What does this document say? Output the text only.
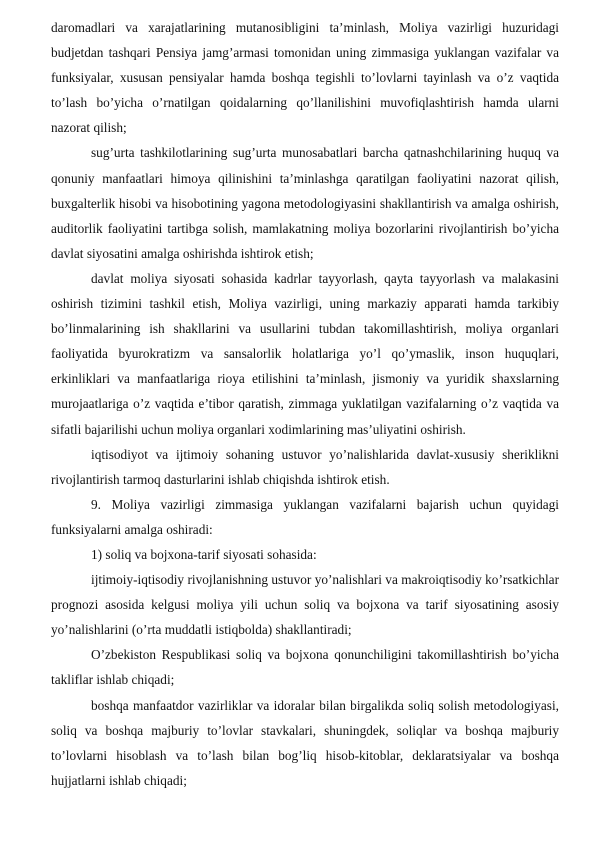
daromadlari va xarajatlarining mutanosibligini ta’minlash, Moliya vazirligi huzuridagi budjetdan tashqari Pensiya jamg’armasi tomonidan uning zimmasiga yuklangan vazifalar va funksiyalar, xususan pensiyalar hamda boshqa tegishli to’lovlarni tayinlash va o’z vaqtida to’lash bo’yicha o’rnatilgan qoidalarning qo’llanilishini muvofiqlashtirish hamda ularni nazorat qilish;

sug’urta tashkilotlarining sug’urta munosabatlari barcha qatnashchilarining huquq va qonuniy manfaatlari himoya qilinishini ta’minlashga qaratilgan faoliyatini nazorat qilish, buxgalterlik hisobi va hisobotining yagona metodologiyasini shakllantirish va amalga oshirish, auditorlik faoliyatini tartibga solish, mamlakatning moliya bozorlarini rivojlantirish bo’yicha davlat siyosatini amalga oshirishda ishtirok etish;

davlat moliya siyosati sohasida kadrlar tayyorlash, qayta tayyorlash va malakasini oshirish tizimini tashkil etish, Moliya vazirligi, uning markaziy apparati hamda tarkibiy bo’linmalarining ish shakllarini va usullarini tubdan takomillashtirish, moliya organlari faoliyatida byurokratizm va sansalorlik holatlariga yo’l qo’ymaslik, inson huquqlari, erkinliklari va manfaatlariga rioya etilishini ta’minlash, jismoniy va yuridik shaxslarning murojaatlariga o’z vaqtida e’tibor qaratish, zimmaga yuklatilgan vazifalarning o’z vaqtida va sifatli bajarilishi uchun moliya organlari xodimlarining mas’uliyatini oshirish.

iqtisodiyot va ijtimoiy sohaning ustuvor yo’nalishlarida davlat-xususiy sheriklikni rivojlantirish tarmoq dasturlarini ishlab chiqishda ishtirok etish.

9. Moliya vazirligi zimmasiga yuklangan vazifalarni bajarish uchun quyidagi funksiyalarni amalga oshiradi:

1) soliq va bojxona-tarif siyosati sohasida:

ijtimoiy-iqtisodiy rivojlanishning ustuvor yo’nalishlari va makroiqtisodiy ko’rsatkichlar prognozi asosida kelgusi moliya yili uchun soliq va bojxona va tarif siyosatining asosiy yo’nalishlarini (o’rta muddatli istiqbolda) shakllantiradi;

O’zbekiston Respublikasi soliq va bojxona qonunchiligini takomillashtirish bo’yicha takliflar ishlab chiqadi;

boshqa manfaatdor vazirliklar va idoralar bilan birgalikda soliq solish metodologiyasi, soliq va boshqa majburiy to’lovlar stavkalari, shuningdek, soliqlar va boshqa majburiy to’lovlarni hisoblash va to’lash bilan bog’liq hisob-kitoblar, deklaratsiyalar va boshqa hujjatlarni ishlab chiqadi;
